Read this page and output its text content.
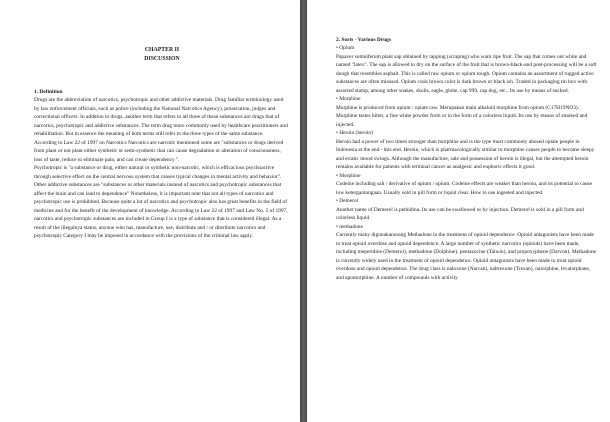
CHAPTER II
DISCUSSION
1. Definition

Drugs are the abbreviation of narcotics, psychotropic and other addictive materials. Drug familiar terminology used by law enforcement officials, such as police (including the National Narcotics Agency), prosecution, judges and correctional officers. In addition to drugs, another term that refers to all three of these substances are drugs that of narcotics, psychotropic and addictive substances. The term drug more commonly used by healthcare practitioners and rehabilitation. But in essence the meaning of both terms still refer to the three types of the same substance.

According to Law 22 of 1997 on Narcotics Narcotics are narcotic mentioned some are "substances or drugs derived from plant or not plant either synthetic or semi-synthetic that can cause degradation or alteration of consciousness, loss of taste, reduce to eliminate pain, and can create dependency ".

Psychotropic is "a substance or drug, either natural or synthetic non-narcotic, which is efficacious psychoactive through selective effect on the central nervous system that causes typical changes in mental activity and behavior".

Other addictive substances are "substances or other materials instead of narcotics and psychotropic substances that affect the brain and can lead to dependence" Nonetheless, it is important note that not all types of narcotics and psychotropic use is prohibited. Because quite a lot of narcotics and psychotropic also has great benefits in the field of medicine and for the benefit of the development of knowledge. According to Law 22 of 1997 and Law No. 5 of 1997, narcotics and psychotropic substances are included in Group I is a type of substance that is considered illegal. As a result of the illegalnya status, anyone who has, manufacture, use, distribute and / or distribute narcotics and psychotropic Category I may be imposed in accordance with the provisions of the criminal law apply.

2. Sorts - Various Drugs
• Opium

Papaver somniferum plant sap obtained by tapping (scraping) who want ripe fruit. The sap that comes out white and named "latex". The sap is allowed to dry on the surface of the fruit that is brown-black-and post-processing will be a soft dough that resembles asphalt. This is called raw opium or opium rough. Opium contains an assortment of rugged active substances are often misused. Opium cook brown color is dark brown or black ish. Traded in packaging tin box with assorted stamp, among other snakes, skulls, eagle, globe, cap 999, cap dog, etc.. Its use by means of sucked.

• Morphine

Morphine is produced from opium / opiate raw. Merupakan main alkaloid morphine from opium (C17H19NO3). Morphine tastes bitter, a fine white powder form or in the form of a colorless liquid. Its use by means of smoked and injected.

• Heroin (heroin)

Heroin had a power of two times stronger than morphine and is the type most commonly abused opiate people in Indonesia at the end - this end. Heroin, which is pharmacologically similar to morphine causes people to become sleepy and erratic mood swings. Although the manufacture, sale and possession of heroin is illegal, but the attempted heroin remains available for patients with terminal cancer as analgesic and euphoric effects it good.

• Morphine

Codeine including salt / derivative of opium / opium. Codeine effects are weaker than heroin, and its potential to cause low ketergantungaan. Usually sold in pill form or liquid clear. How to use ingested and injected.

• Demerol

Another name of Demerol is pethidina. Its use can be swallowed or by injection. Demerol is sold in a pill form and colorless liquid.

• methadone

Currently many digunakanorang Methadone in the treatment of opioid dependence. Opioid antagonists have been made to treat opioid overdose and opioid dependence. A large number of synthetic narcotics (opioids) have been made, including meperidine (Demerol), methadone (Dolphine), pentazocine (Talwin), and propoxyphene (Darvon). Methadone is currently widely used in the treatment of opioid dependence. Opioid antagonists have been made to treat opioid overdose and opioid dependence. The drug class is naloxone (Narcan), naltrexone (Trexan), nalorphine, levalorphane, and apomorphine. A number of compounds with activity
